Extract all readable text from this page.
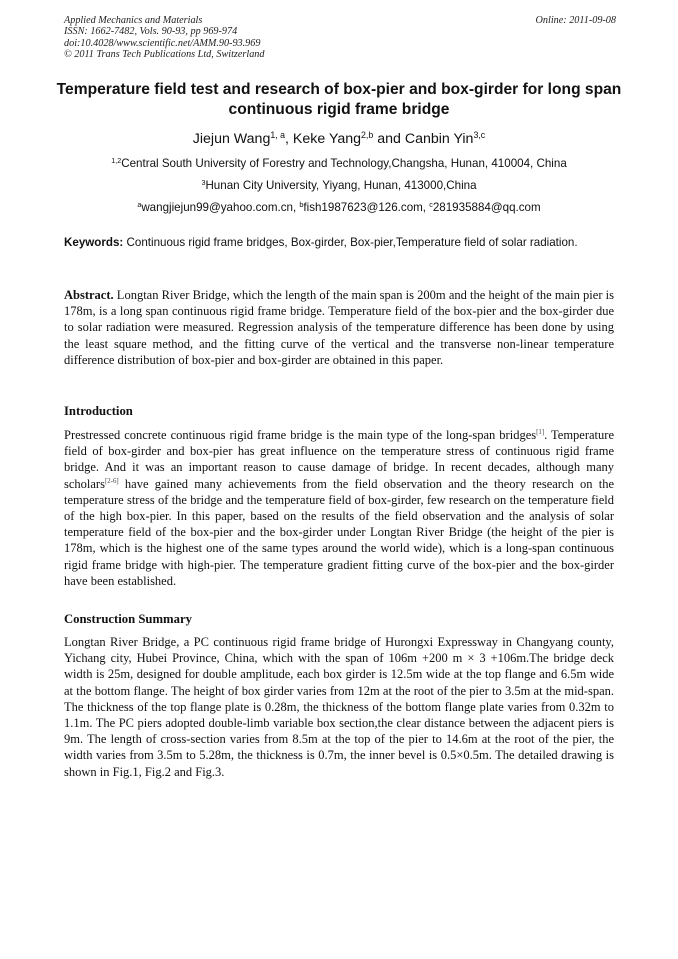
Applied Mechanics and Materials
ISSN: 1662-7482, Vols. 90-93, pp 969-974
doi:10.4028/www.scientific.net/AMM.90-93.969
© 2011 Trans Tech Publications Ltd, Switzerland
Online: 2011-09-08
Temperature field test and research of box-pier and box-girder for long span continuous rigid frame bridge
Jiejun Wang$^{1, a}$, Keke Yang$^{2,b}$ and Canbin Yin$^{3,c}$
$^{1,2}$Central South University of Forestry and Technology,Changsha, Hunan, 410004, China
$^3$Hunan City University, Yiyang, Hunan, 413000,China
$^a$wangjiejun99@yahoo.com.cn, $^b$fish1987623@126.com, $^c$281935884@qq.com
Keywords: Continuous rigid frame bridges, Box-girder, Box-pier,Temperature field of solar radiation.
Abstract. Longtan River Bridge, which the length of the main span is 200m and the height of the main pier is 178m, is a long span continuous rigid frame bridge. Temperature field of the box-pier and the box-girder due to solar radiation were measured. Regression analysis of the temperature difference has been done by using the least square method, and the fitting curve of the vertical and the transverse non-linear temperature difference distribution of box-pier and box-girder are obtained in this paper.
Introduction
Prestressed concrete continuous rigid frame bridge is the main type of the long-span bridges[1]. Temperature field of box-girder and box-pier has great influence on the temperature stress of continuous rigid frame bridge. And it was an important reason to cause damage of bridge. In recent decades, although many scholars[2-6] have gained many achievements from the field observation and the theory research on the temperature stress of the bridge and the temperature field of box-girder, few research on the temperature field of the high box-pier. In this paper, based on the results of the field observation and the analysis of solar temperature field of the box-pier and the box-girder under Longtan River Bridge (the height of the pier is 178m, which is the highest one of the same types around the world wide), which is a long-span continuous rigid frame bridge with high-pier. The temperature gradient fitting curve of the box-pier and the box-girder have been established.
Construction Summary
Longtan River Bridge, a PC continuous rigid frame bridge of Hurongxi Expressway in Changyang county, Yichang city, Hubei Province, China, which with the span of 106m +200 m × 3 +106m.The bridge deck width is 25m, designed for double amplitude, each box girder is 12.5m wide at the top flange and 6.5m wide at the bottom flange. The height of box girder varies from 12m at the root of the pier to 3.5m at the mid-span. The thickness of the top flange plate is 0.28m, the thickness of the bottom flange plate varies from 0.32m to 1.1m. The PC piers adopted double-limb variable box section,the clear distance between the adjacent piers is 9m. The length of cross-section varies from 8.5m at the top of the pier to 14.6m at the root of the pier, the width varies from 3.5m to 5.28m, the thickness is 0.7m, the inner bevel is 0.5×0.5m. The detailed drawing is shown in Fig.1, Fig.2 and Fig.3.
